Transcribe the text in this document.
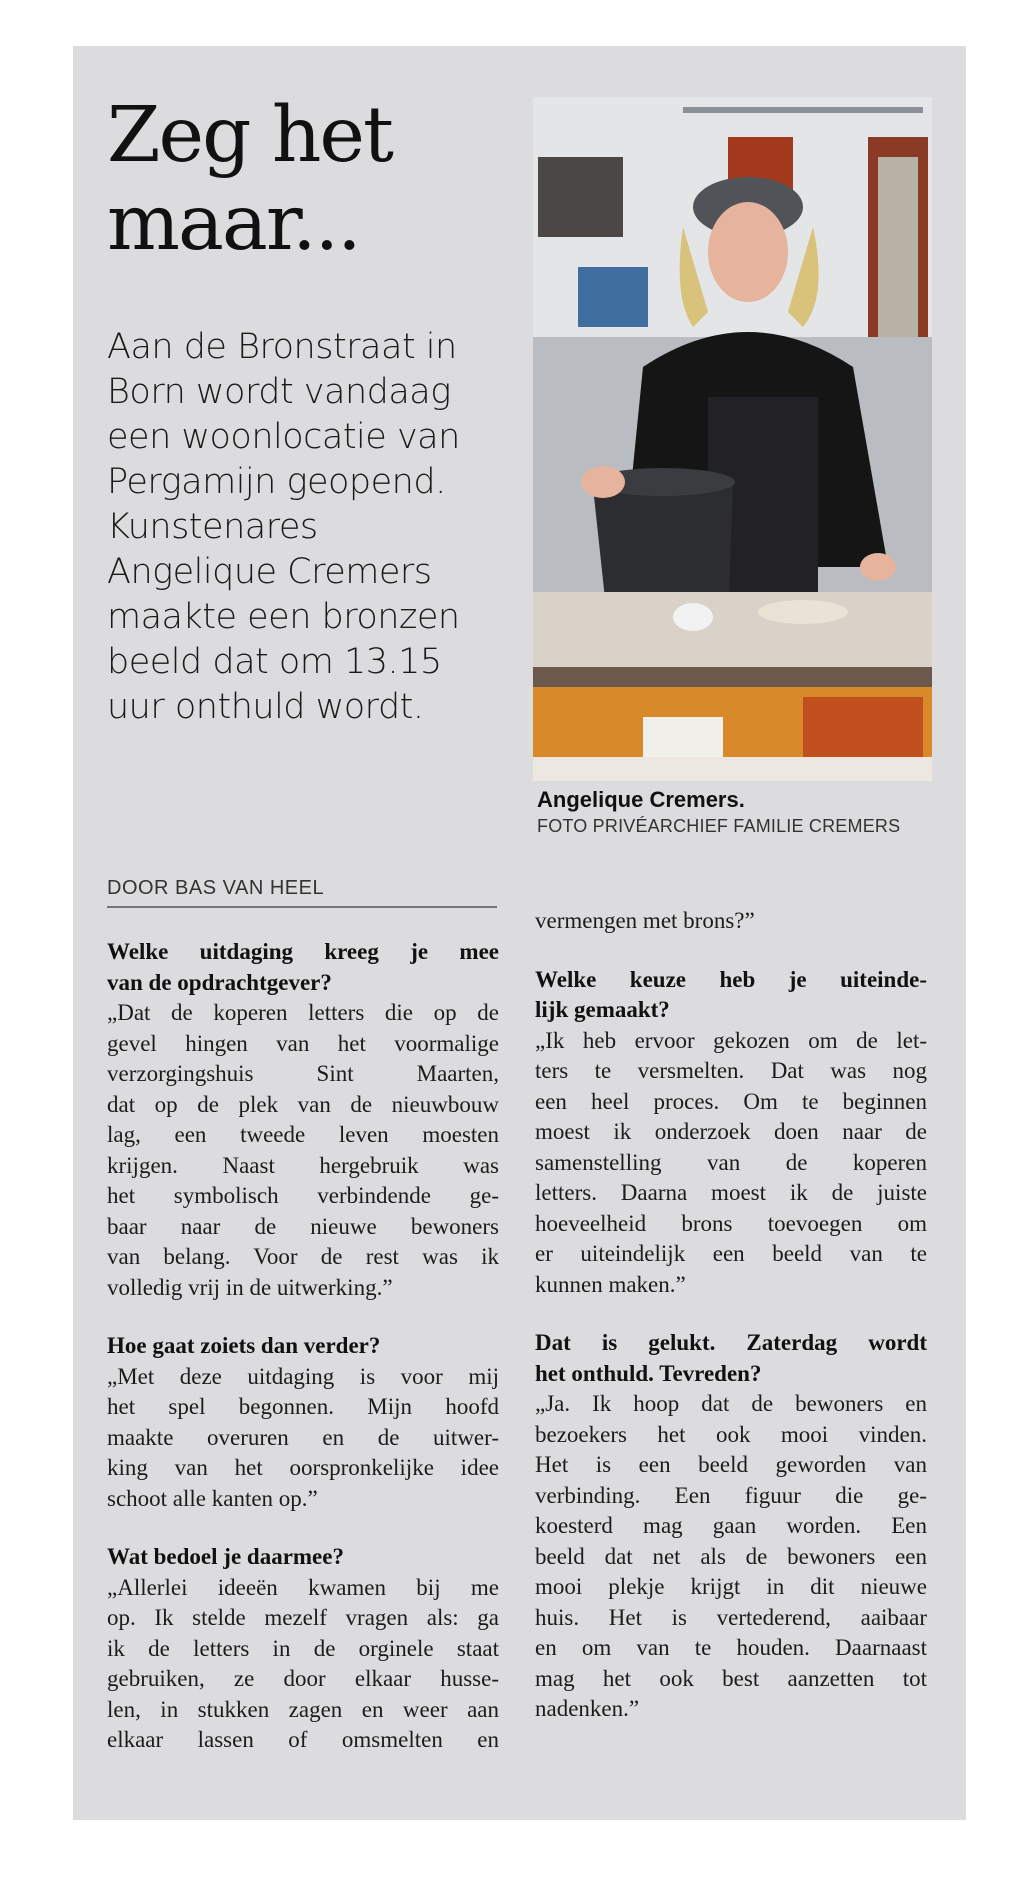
Zeg het
maar...

Aan de Bronstraat in
Born wordt vandaag
een woonlocatie van
Pergamijn geopend.
Kunstenares
Angelique Cremers
maakte een bronzen
beeld dat om 13.15
uur onthuld wordt.

Angelique Cremers.

FOTO PRIVÉARCHIEF FAMILIE CREMERS

DOOR BAS VAN HEEL

Welke uitdaging kreeg je mee
van de opdrachtgever?
„Dat de koperen letters die op de
gevel hingen van het voormalige
verzorgingshuis Sint Maarten,
dat op de plek van de nieuwbouw
lag, een tweede leven moesten
krijgen. Naast hergebruik was
het symbolisch verbindende ge-
baar naar de nieuwe bewoners
van belang. Voor de rest was ik
volledig vrij in de uitwerking.”
Hoe gaat zoiets dan verder?
„Met deze uitdaging is voor mij
het spel begonnen. Mijn hoofd
maakte overuren en de uitwer-
king van het oorspronkelijke idee
schoot alle kanten op.”
Wat bedoel je daarmee?
„Allerlei ideeën kwamen bij me
op. Ik stelde mezelf vragen als: ga
ik de letters in de orginele staat
gebruiken, ze door elkaar husse-
len, in stukken zagen en weer aan
elkaar lassen of omsmelten en
vermengen met brons?”
Welke keuze heb je uiteinde-
lijk gemaakt?
„Ik heb ervoor gekozen om de let-
ters te versmelten. Dat was nog
een heel proces. Om te beginnen
moest ik onderzoek doen naar de
samenstelling van de koperen
letters. Daarna moest ik de juiste
hoeveelheid brons toevoegen om
er uiteindelijk een beeld van te
kunnen maken.”
Dat is gelukt. Zaterdag wordt
het onthuld. Tevreden?
„Ja. Ik hoop dat de bewoners en
bezoekers het ook mooi vinden.
Het is een beeld geworden van
verbinding. Een figuur die ge-
koesterd mag gaan worden. Een
beeld dat net als de bewoners een
mooi plekje krijgt in dit nieuwe
huis. Het is vertederend, aaibaar
en om van te houden. Daarnaast
mag het ook best aanzetten tot
nadenken.”
